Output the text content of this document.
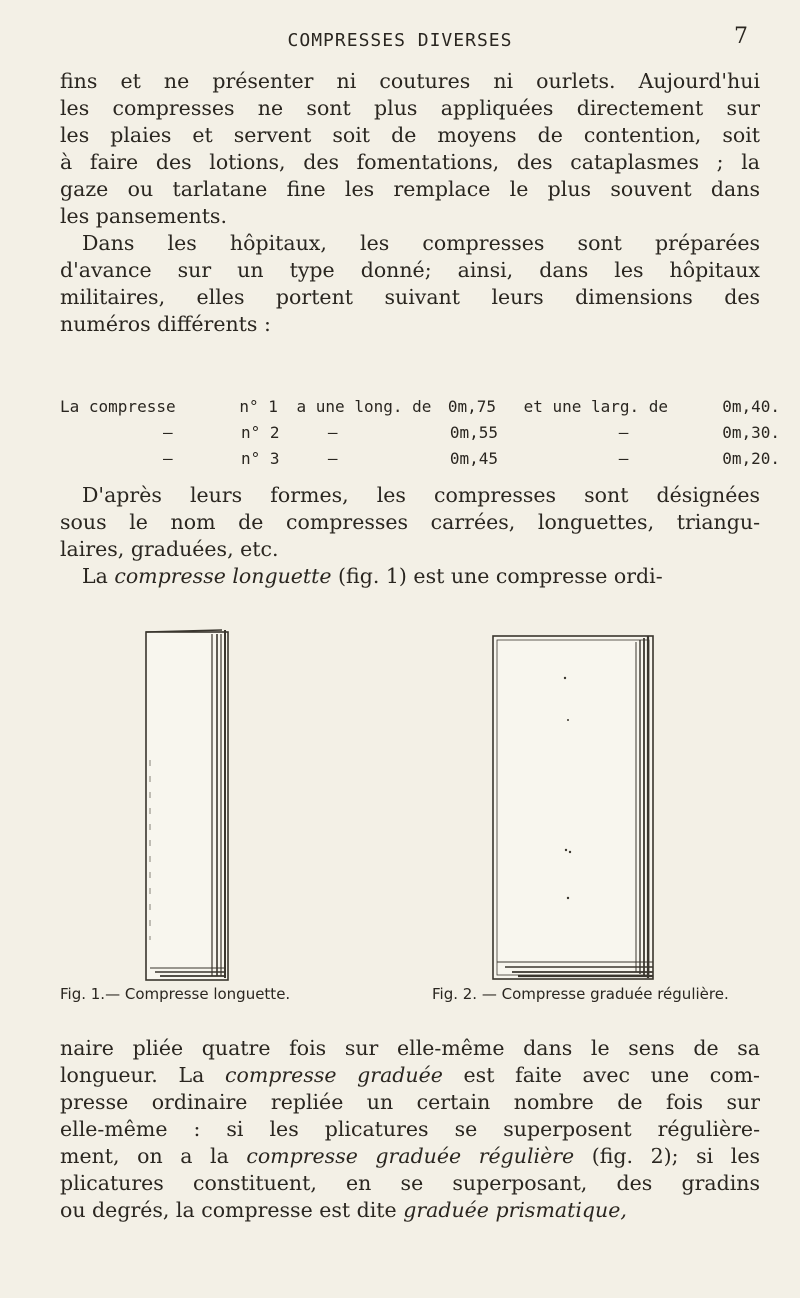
COMPRESSES DIVERSES	7
fins et ne présenter ni coutures ni ourlets. Aujourd'hui
les compresses ne sont plus appliquées directement sur
les plaies et servent soit de moyens de contention, soit
à faire des lotions, des fomentations, des cataplasmes ; la
gaze ou tarlatane fine les remplace le plus souvent dans
les pansements.
Dans les hôpitaux, les compresses sont préparées
d'avance sur un type donné; ainsi, dans les hôpitaux
militaires, elles portent suivant leurs dimensions des
numéros différents :
La compresse	n° 1	a une long. de	0m,75	et une larg. de	0m,40.
—	n° 2	—	0m,55	—	0m,30.
—	n° 3	—	0m,45	—	0m,20.
D'après leurs formes, les compresses sont désignées
sous le nom de compresses carrées, longuettes, triangu-
laires, graduées, etc.
La compresse longuette (fig. 1) est une compresse ordi-
Fig. 1.— Compresse longuette.	Fig. 2. — Compresse graduée régulière.
naire pliée quatre fois sur elle-même dans le sens de sa
longueur. La compresse graduée est faite avec une com-
presse ordinaire repliée un certain nombre de fois sur
elle-même : si les plicatures se superposent régulière-
ment, on a la compresse graduée régulière (fig. 2); si les
plicatures constituent, en se superposant, des gradins
ou degrés, la compresse est dite graduée prismatique,
